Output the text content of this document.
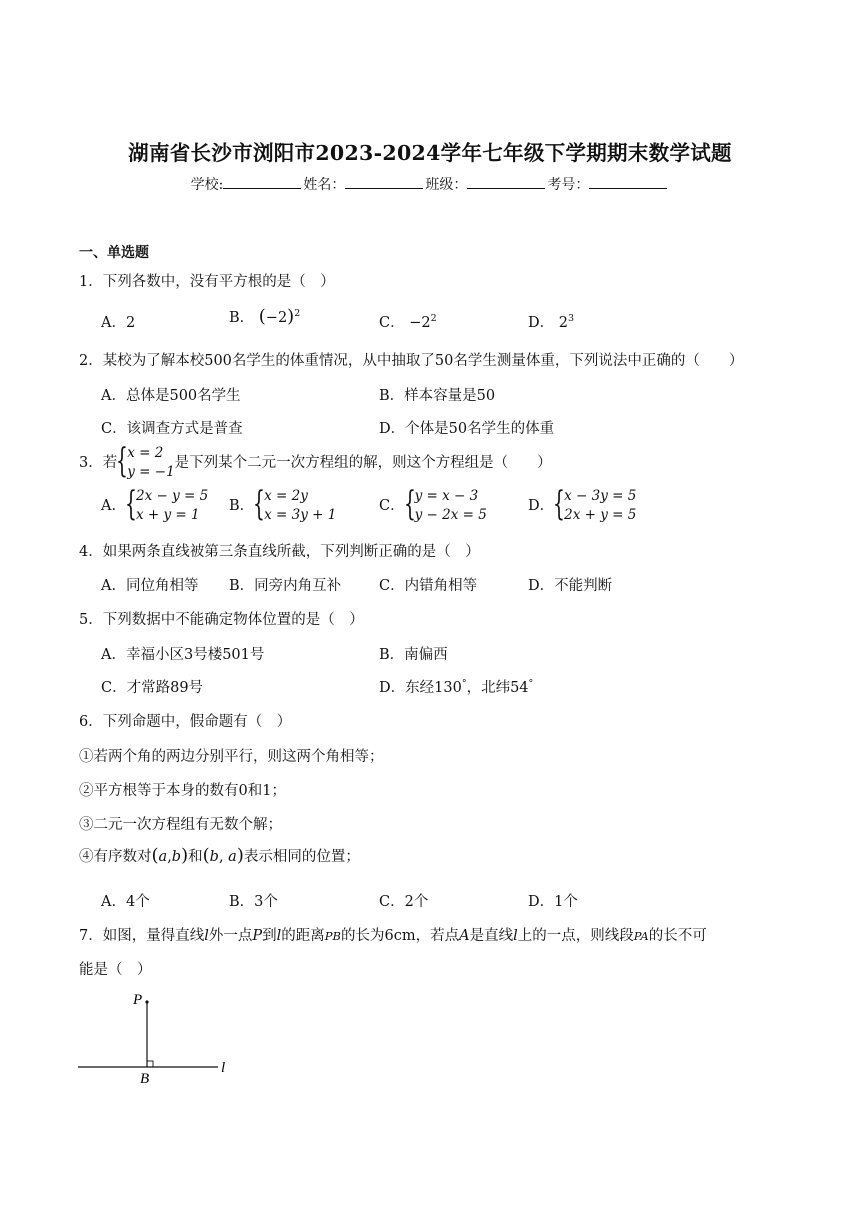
湖南省长沙市浏阳市2023-2024学年七年级下学期期末数学试题
学校:	姓名：	班级：	考号：
一、单选题
1．下列各数中，没有平方根的是（　）
A．2	B． $(-2)^2$
C． $-2^2$	D． $2^3$
2．某校为了解本校500名学生的体重情况，从中抽取了50名学生测量体重，下列说法中正确的（　　）
A．总体是500名学生	B．样本容量是50
C．该调查方式是普查	D．个体是50名学生的体重
3．若 { x = 2
y = −1
是下列某个二元一次方程组的解，则这个方程组是（　　）
A． { 2x − y = 5
x + y = 1
B． { x = 2y
x = 3y + 1
C． { y = x − 3
y − 2x = 5
D． { x − 3y = 5
2x + y = 5
4．如果两条直线被第三条直线所截，下列判断正确的是（　）
A．同位角相等 B．同旁内角互补	C．内错角相等	D．不能判断
5．下列数据中不能确定物体位置的是（　）
A．幸福小区3号楼501号	B．南偏西
C．才常路89号	D．东经130°，北纬54°
6．下列命题中，假命题有（　）
①若两个角的两边分别平行，则这两个角相等；
②平方根等于本身的数有0和1；
③二元一次方程组有无数个解；
④有序数对(a,b)和(b, a)表示相同的位置；
A．4个	B．3个	C．2个	D．1个
7．如图，量得直线l外一点P到l的距离PB的长为6cm，若点A是直线l上的一点，则线段PA的长不可
能是（　）
P
B
l
